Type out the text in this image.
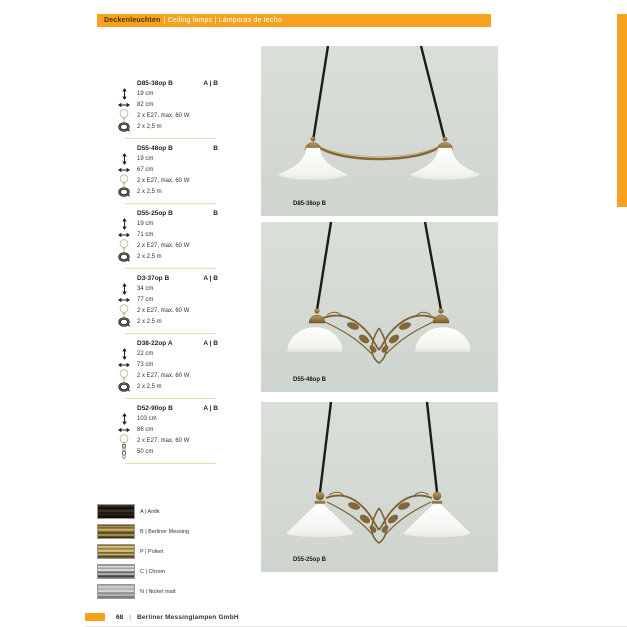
Deckenleuchten | Ceiling lamps | Lámparas de techo
D85-38op B	A | B
19 cm
82 cm
2 x E27, max. 60 W
2 x 2,5 m
D55-48op B	B
19 cm
67 cm
2 x E27, max. 60 W
2 x 2,5 m
D55-25op B	B
19 cm
71 cm
2 x E27, max. 60 W
2 x 2,5 m
D3-37op B	A | B
34 cm
77 cm
2 x E27, max. 60 W
2 x 2,5 m
D38-22op A	A | B
22 cm
73 cm
2 x E27, max. 60 W
2 x 2,5 m
D52-90op B	A | B
103 cm
86 cm
2 x E27, max. 60 W
50 cm
A | Antik
B | Berliner Messing
P | Poliert
C | Chrom
N | Nickel matt
D85-38op B
D55-48op B
D55-25op B
68 | Berliner Messinglampen GmbH
